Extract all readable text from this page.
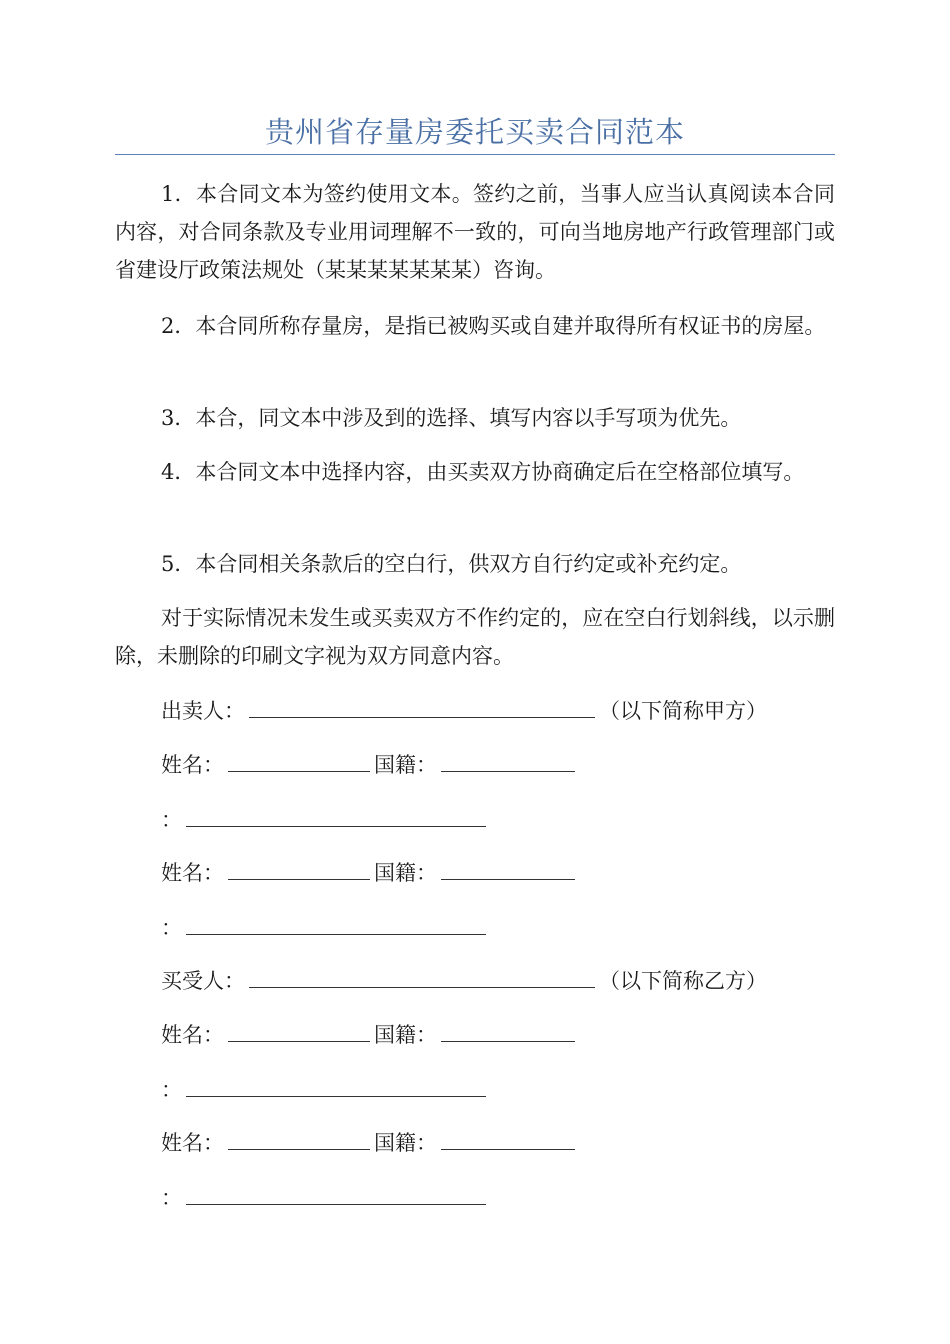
贵州省存量房委托买卖合同范本
1．本合同文本为签约使用文本。签约之前，当事人应当认真阅读本合同内容，对合同条款及专业用词理解不一致的，可向当地房地产行政管理部门或省建设厅政策法规处（某某某某某某某）咨询。
2．本合同所称存量房，是指已被购买或自建并取得所有权证书的房屋。
3．本合，同文本中涉及到的选择、填写内容以手写项为优先。
4．本合同文本中选择内容，由买卖双方协商确定后在空格部位填写。
5．本合同相关条款后的空白行，供双方自行约定或补充约定。
对于实际情况未发生或买卖双方不作约定的，应在空白行划斜线，以示删除，未删除的印刷文字视为双方同意内容。
出卖人：	（以下简称甲方）
姓名：	国籍：
：
姓名：	国籍：
：
买受人：	（以下简称乙方）
姓名：	国籍：
：
姓名：	国籍：
：
